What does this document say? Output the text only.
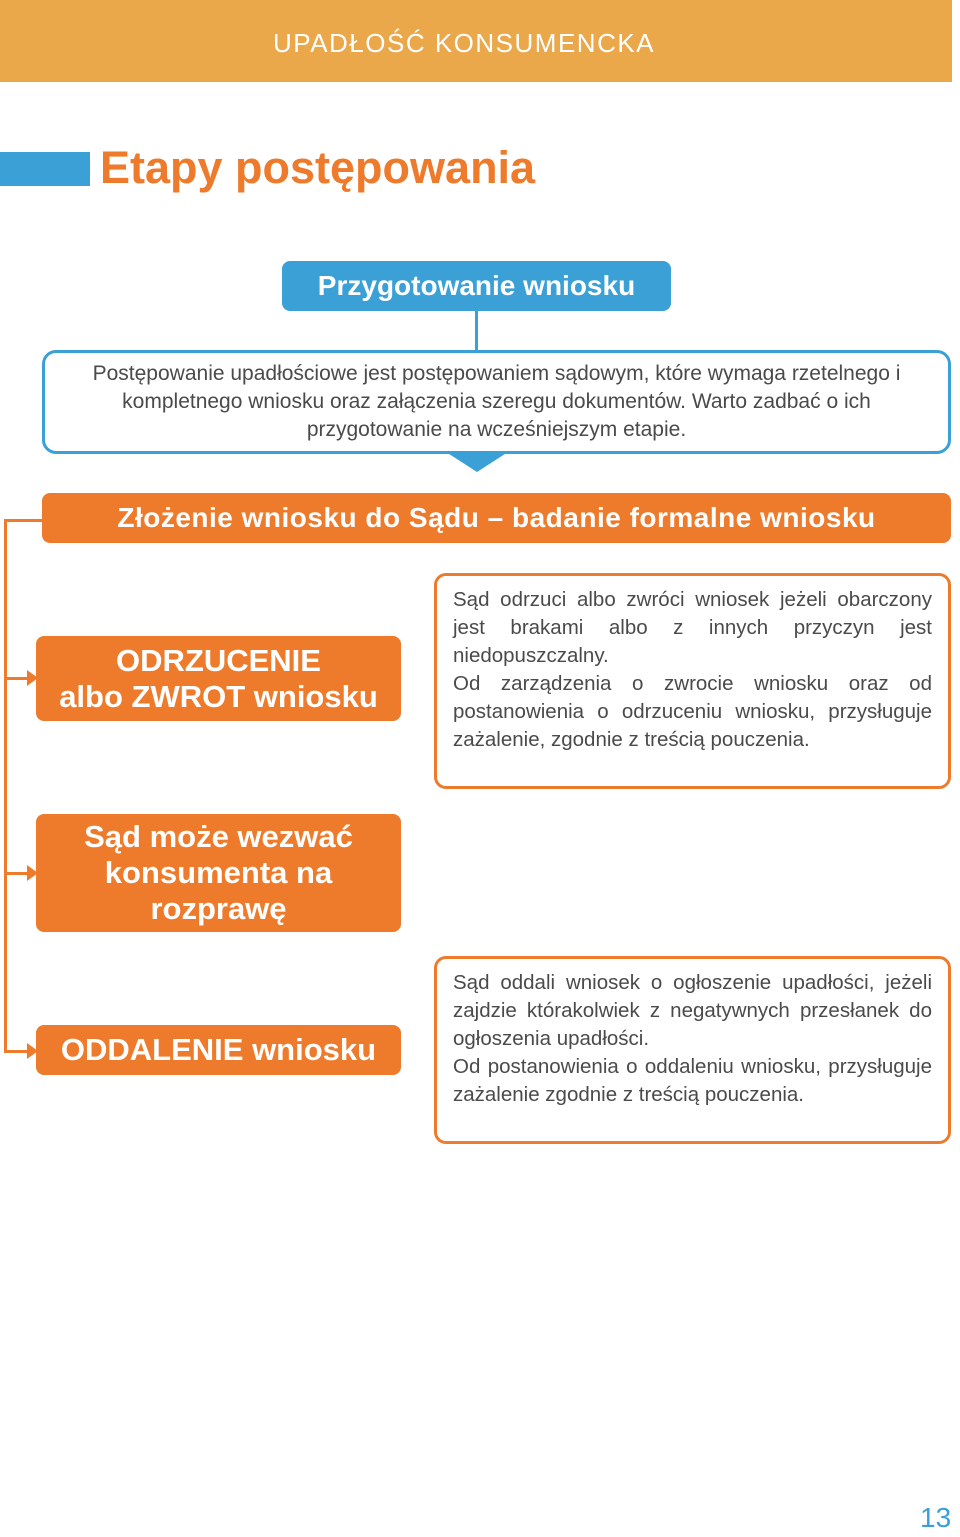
UPADŁOŚĆ KONSUMENCKA
Etapy postępowania
Przygotowanie wniosku
Postępowanie upadłościowe jest postępowaniem sądowym, które wymaga rzetelnego i kompletnego wniosku oraz załączenia szeregu dokumentów. Warto zadbać o ich przygotowanie na wcześniejszym etapie.
Złożenie wniosku do Sądu – badanie formalne wniosku
ODRZUCENIE
albo ZWROT wniosku

Sąd odrzuci albo zwróci wniosek jeżeli obarczony jest brakami albo z innych przyczyn jest niedopuszczalny.

Od zarządzenia o zwrocie wniosku oraz od postanowienia o odrzuceniu wniosku, przysługuje zażalenie, zgodnie z treścią pouczenia.

Sąd może wezwać
konsumenta na
rozprawę
ODDALENIE wniosku

Sąd oddali wniosek o ogłoszenie upadłości, jeżeli zajdzie którakolwiek z negatywnych przesłanek do ogłoszenia upadłości.

Od postanowienia o oddaleniu wniosku, przysługuje zażalenie zgodnie z treścią pouczenia.

13
